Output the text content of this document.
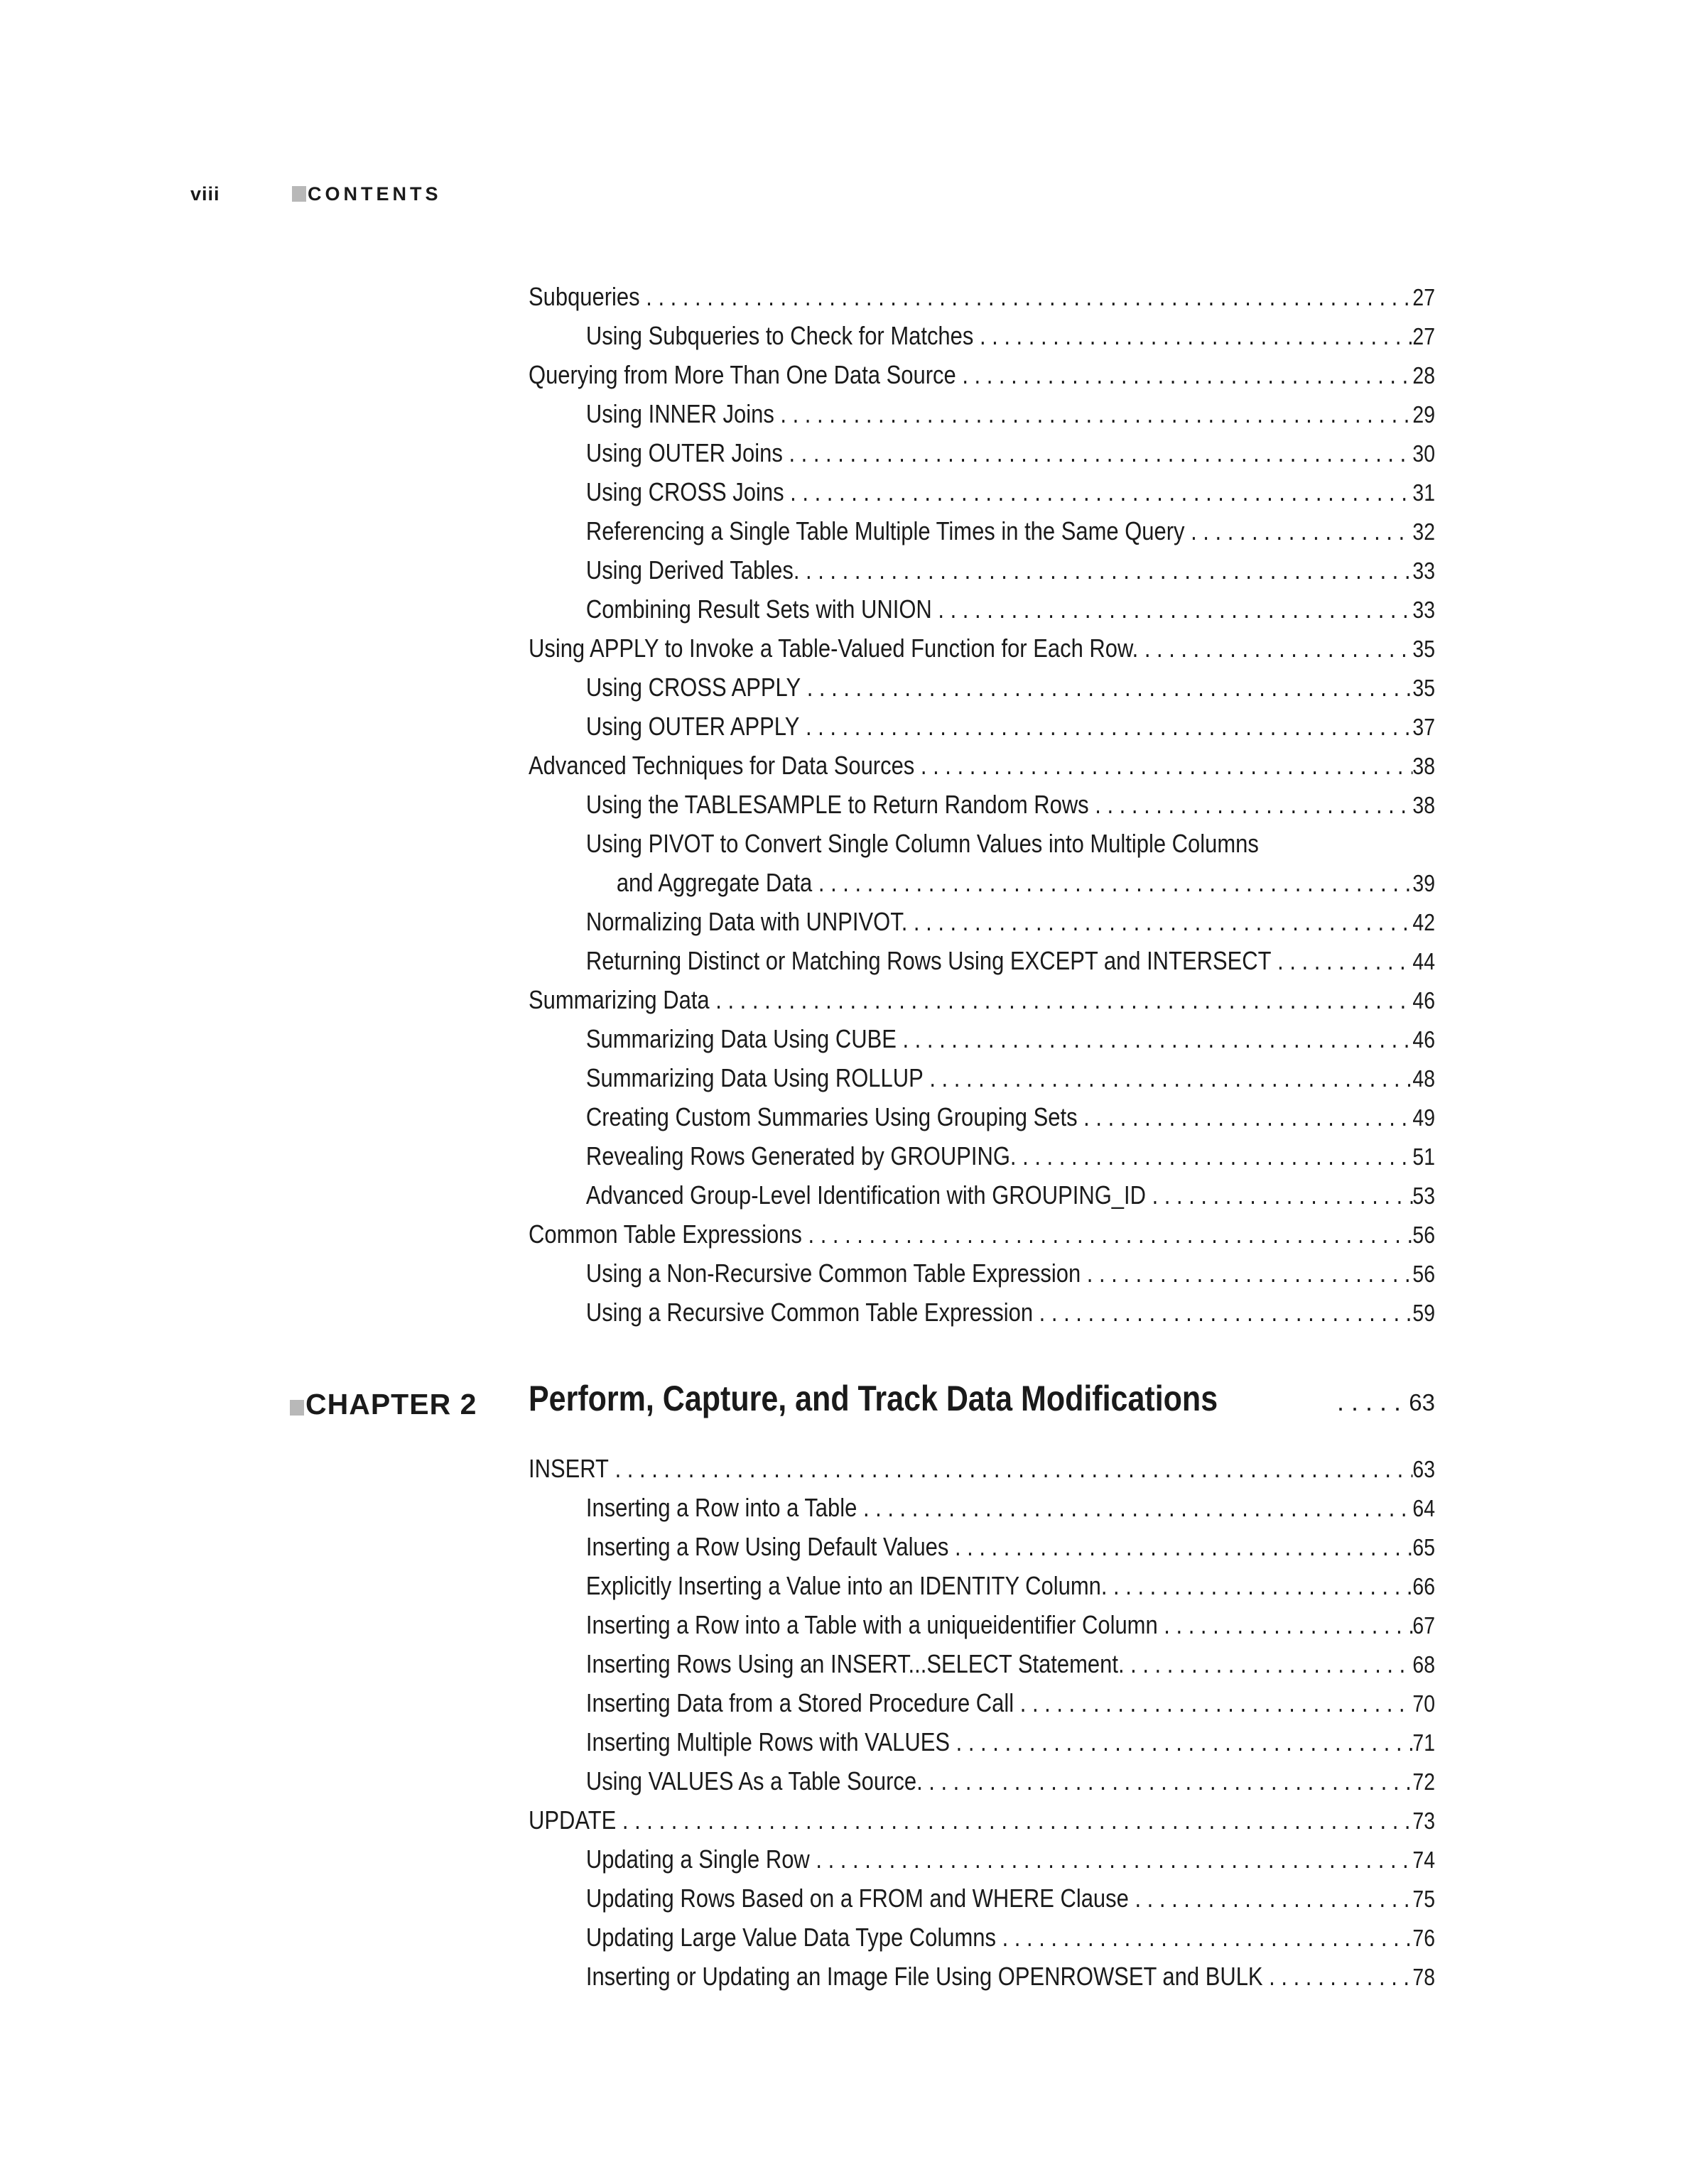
viii	CONTENTS
Subqueries . . .	27
Using Subqueries to Check for Matches . . .	27
Querying from More Than One Data Source . . .	28
Using INNER Joins . . .	29
Using OUTER Joins . . .	30
Using CROSS Joins . . .	31
Referencing a Single Table Multiple Times in the Same Query . . .	32
Using Derived Tables. . . .	33
Combining Result Sets with UNION . . .	33
Using APPLY to Invoke a Table-Valued Function for Each Row. . . .	35
Using CROSS APPLY . . .	35
Using OUTER APPLY . . .	37
Advanced Techniques for Data Sources . . .	38
Using the TABLESAMPLE to Return Random Rows . . .	38
Using PIVOT to Convert Single Column Values into Multiple Columns
and Aggregate Data . . .	39
Normalizing Data with UNPIVOT. . . .	42
Returning Distinct or Matching Rows Using EXCEPT and INTERSECT . . .	44
Summarizing Data . . .	46
Summarizing Data Using CUBE . . .	46
Summarizing Data Using ROLLUP . . .	48
Creating Custom Summaries Using Grouping Sets . . .	49
Revealing Rows Generated by GROUPING. . . .	51
Advanced Group-Level Identification with GROUPING_ID . . .	53
Common Table Expressions . . .	56
Using a Non-Recursive Common Table Expression . . .	56
Using a Recursive Common Table Expression . . .	59
CHAPTER 2 Perform, Capture, and Track Data Modifications . . .	63
INSERT . . .	63
Inserting a Row into a Table . . .	64
Inserting a Row Using Default Values . . .	65
Explicitly Inserting a Value into an IDENTITY Column. . . .	66
Inserting a Row into a Table with a uniqueidentifier Column . . .	67
Inserting Rows Using an INSERT...SELECT Statement. . . .	68
Inserting Data from a Stored Procedure Call . . .	70
Inserting Multiple Rows with VALUES . . .	71
Using VALUES As a Table Source. . . .	72
UPDATE . . .	73
Updating a Single Row . . .	74
Updating Rows Based on a FROM and WHERE Clause . . .	75
Updating Large Value Data Type Columns . . .	76
Inserting or Updating an Image File Using OPENROWSET and BULK . . .	78
